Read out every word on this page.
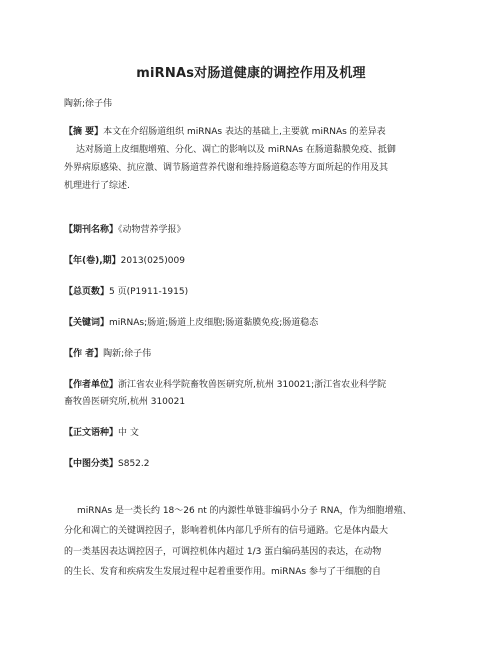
miRNAs对肠道健康的调控作用及机理
陶新;徐子伟
【摘 要】本文在介绍肠道组织 miRNAs 表达的基础上,主要就 miRNAs 的差异表
达对肠道上皮细胞增殖、分化、凋亡的影响以及 miRNAs 在肠道黏膜免疫、抵御
外界病原感染、抗应激、调节肠道营养代谢和维持肠道稳态等方面所起的作用及其
机理进行了综述.
【期刊名称】《动物营养学报》
【年(卷),期】2013(025)009
【总页数】5 页(P1911-1915)
【关键词】miRNAs;肠道;肠道上皮细胞;肠道黏膜免疫;肠道稳态
【作 者】陶新;徐子伟
【作者单位】浙江省农业科学院畜牧兽医研究所,杭州 310021;浙江省农业科学院
畜牧兽医研究所,杭州 310021
【正文语种】中 文
【中图分类】S852.2
miRNAs 是一类长约 18～26 nt 的内源性单链非编码小分子 RNA，作为细胞增殖、
分化和凋亡的关键调控因子，影响着机体内部几乎所有的信号通路。它是体内最大
的一类基因表达调控因子，可调控机体内超过 1/3 蛋白编码基因的表达，在动物
的生长、发育和疾病发生发展过程中起着重要作用。miRNAs 参与了干细胞的自
